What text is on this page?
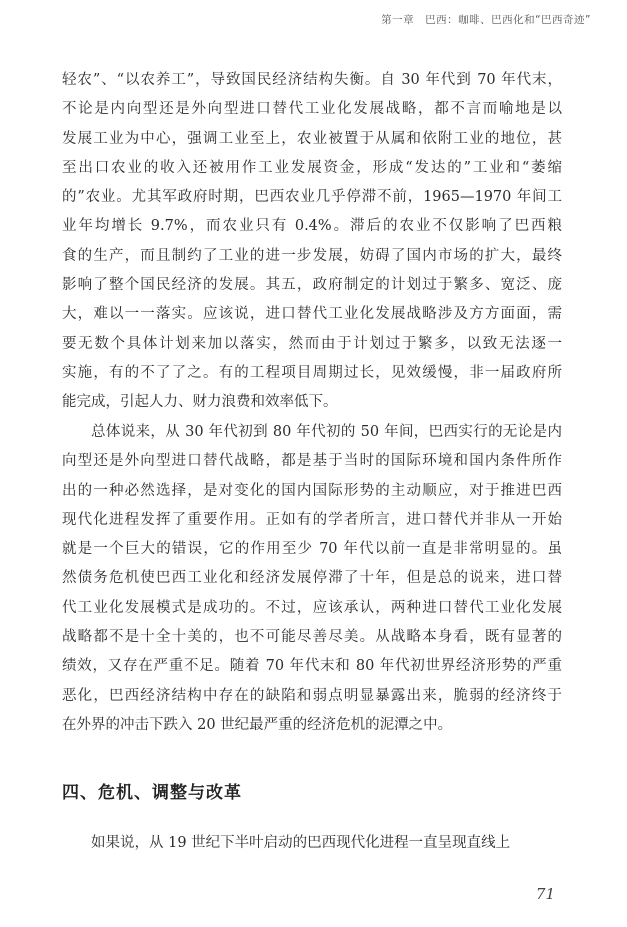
第一章　巴西：咖啡、巴西化和“巴西奇迹”
轻农”、“以农养工”，导致国民经济结构失衡。自 30 年代到 70 年代末，
不论是内向型还是外向型进口替代工业化发展战略，都不言而喻地是以
发展工业为中心，强调工业至上，农业被置于从属和依附工业的地位，甚
至出口农业的收入还被用作工业发展资金，形成“发达的”工业和“萎缩
的”农业。尤其军政府时期，巴西农业几乎停滞不前，1965—1970 年间工
业年均增长 9.7%，而农业只有 0.4%。滞后的农业不仅影响了巴西粮
食的生产，而且制约了工业的进一步发展，妨碍了国内市场的扩大，最终
影响了整个国民经济的发展。其五，政府制定的计划过于繁多、宽泛、庞
大，难以一一落实。应该说，进口替代工业化发展战略涉及方方面面，需
要无数个具体计划来加以落实，然而由于计划过于繁多，以致无法逐一
实施，有的不了了之。有的工程项目周期过长，见效缓慢，非一届政府所
能完成，引起人力、财力浪费和效率低下。
总体说来，从 30 年代初到 80 年代初的 50 年间，巴西实行的无论是内
向型还是外向型进口替代战略，都是基于当时的国际环境和国内条件所作
出的一种必然选择，是对变化的国内国际形势的主动顺应，对于推进巴西
现代化进程发挥了重要作用。正如有的学者所言，进口替代并非从一开始
就是一个巨大的错误，它的作用至少 70 年代以前一直是非常明显的。虽
然债务危机使巴西工业化和经济发展停滞了十年，但是总的说来，进口替
代工业化发展模式是成功的。不过，应该承认，两种进口替代工业化发展
战略都不是十全十美的，也不可能尽善尽美。从战略本身看，既有显著的
绩效，又存在严重不足。随着 70 年代末和 80 年代初世界经济形势的严重
恶化，巴西经济结构中存在的缺陷和弱点明显暴露出来，脆弱的经济终于
在外界的冲击下跌入 20 世纪最严重的经济危机的泥潭之中。
四、危机、调整与改革
如果说，从 19 世纪下半叶启动的巴西现代化进程一直呈现直线上
71
